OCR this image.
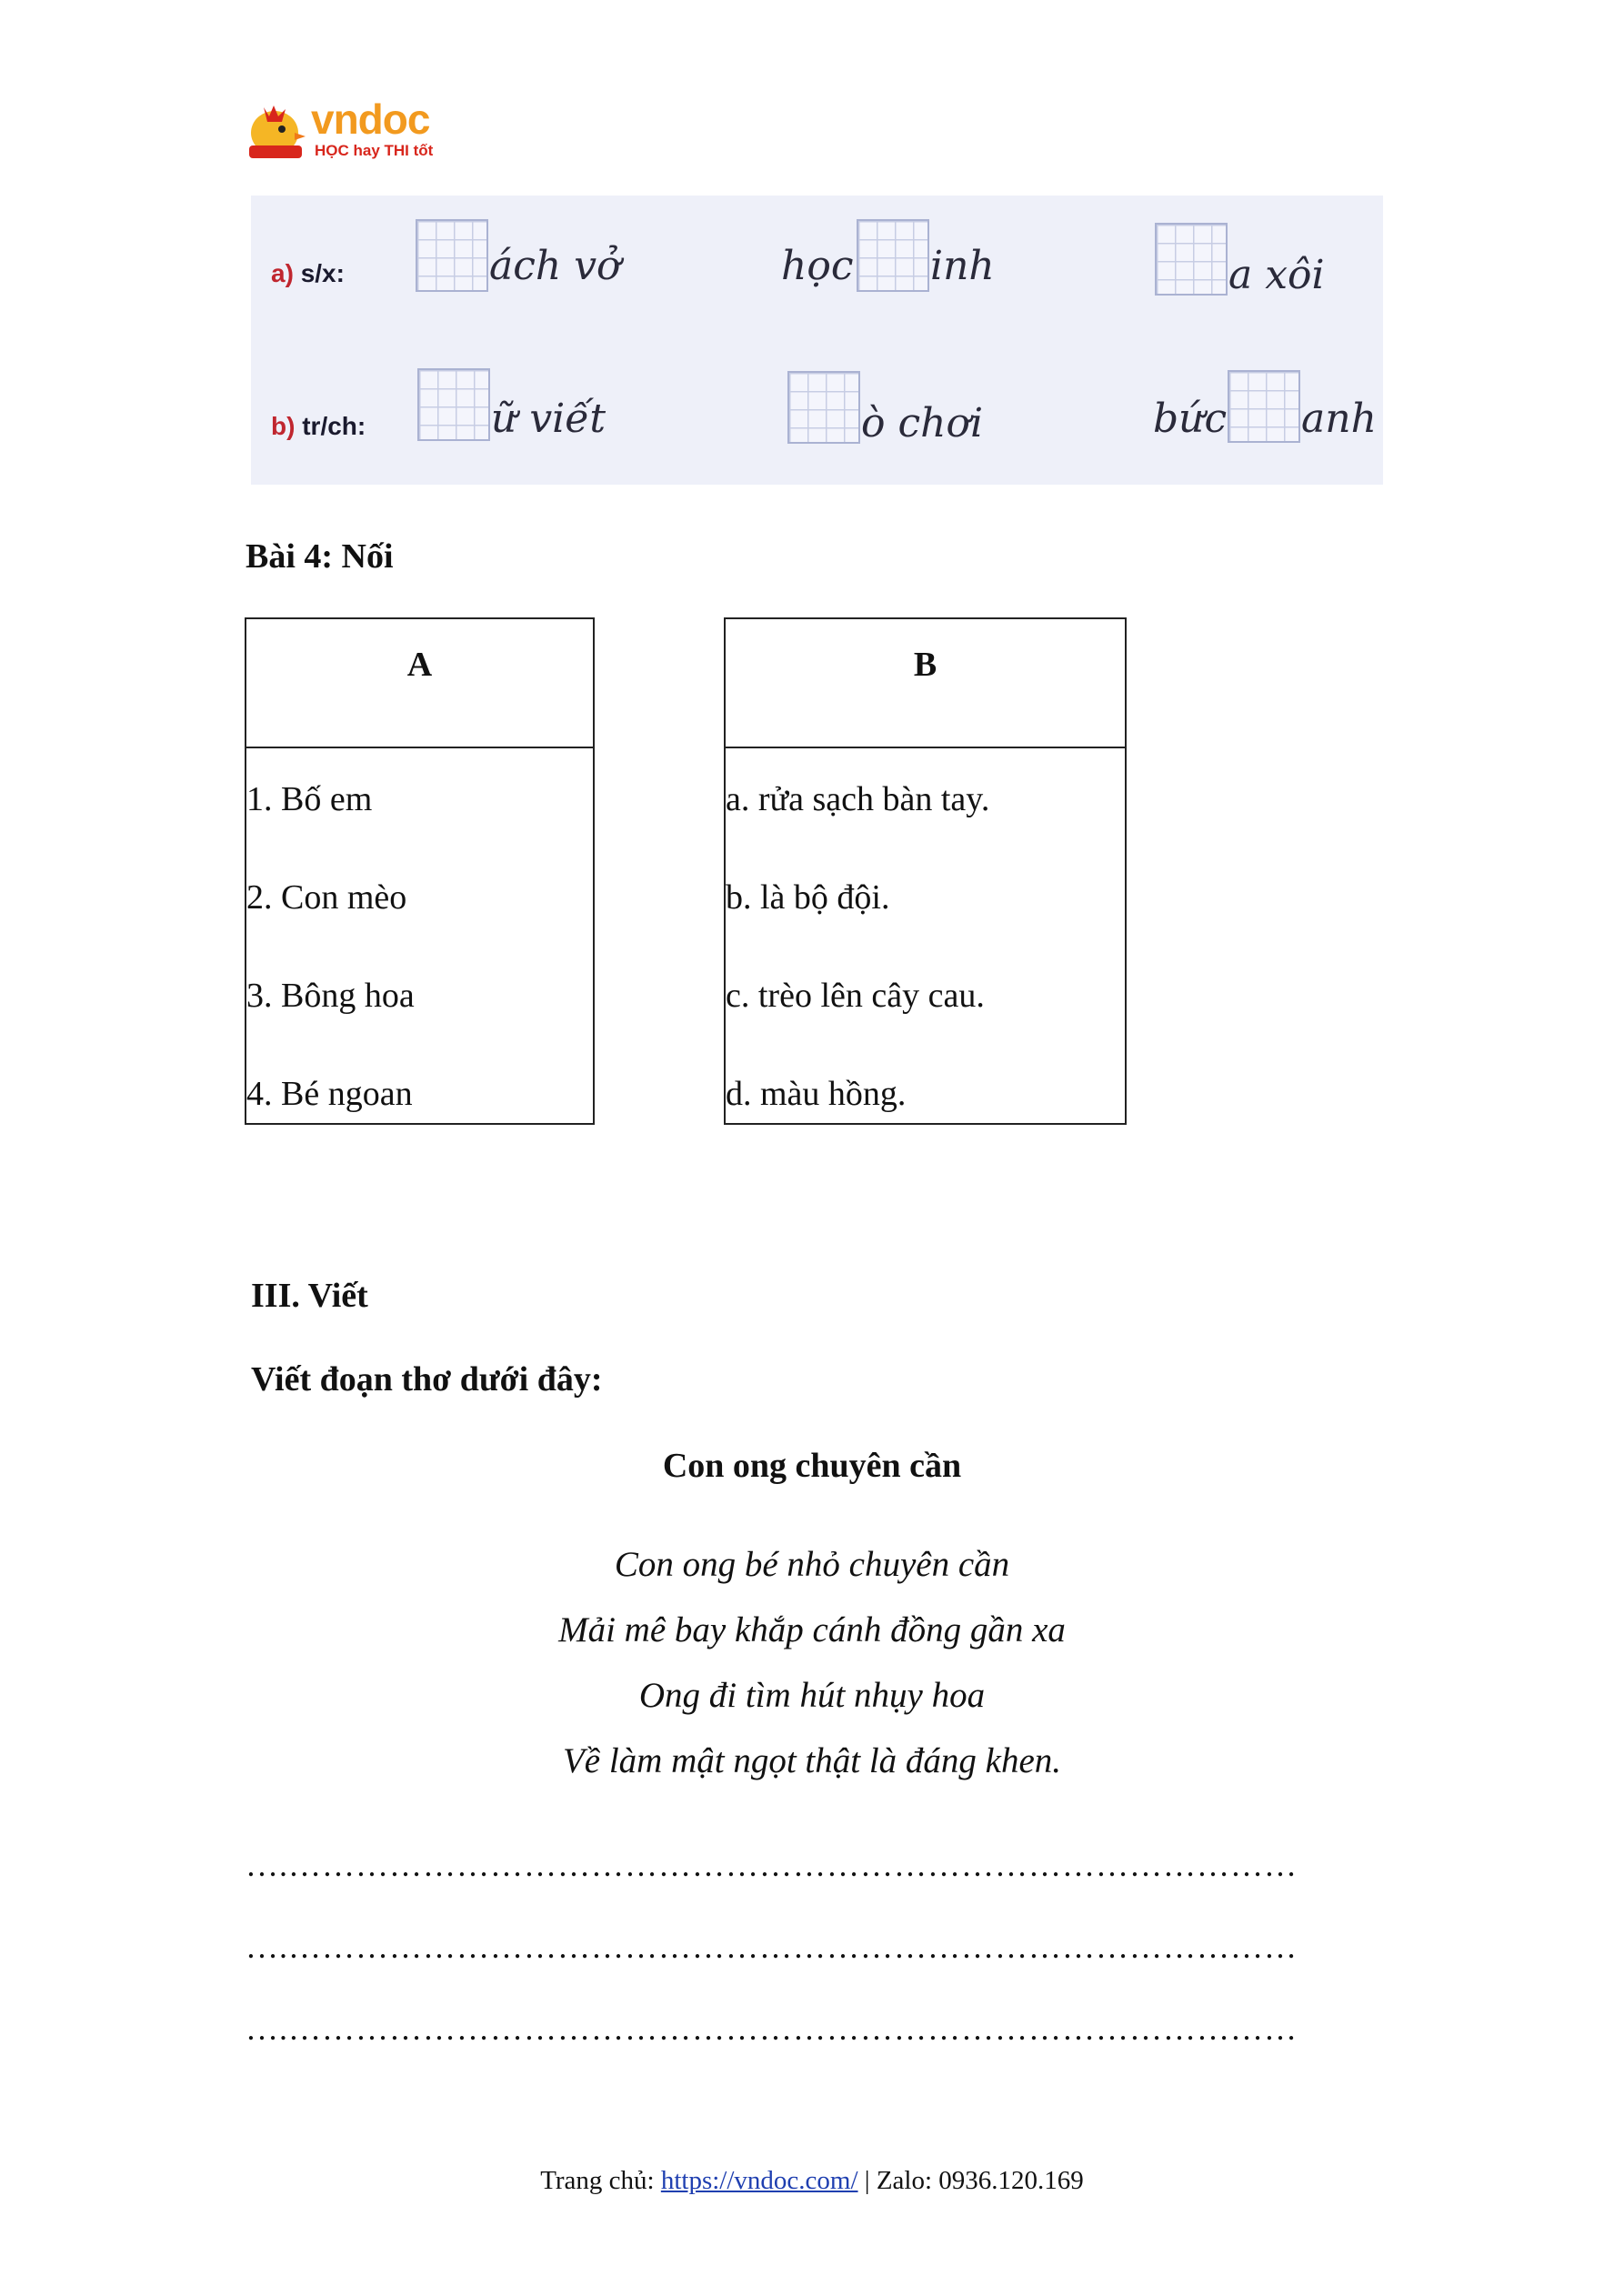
vndoc
HỌC hay THI tốt
a) s/x:	ách vở	học inh	a xôi
b) tr/ch:	ữ viết	ò chơi	bức anh
Bài 4: Nối
A

1. Bố em
2. Con mèo
3. Bông hoa
4. Bé ngoan
B

a. rửa sạch bàn tay.
b. là bộ đội.
c. trèo lên cây cau.
d. màu hồng.
III. Viết
Viết đoạn thơ dưới đây:
Con ong chuyên cần
Con ong bé nhỏ chuyên cần
Mải mê bay khắp cánh đồng gần xa
Ong đi tìm hút nhụy hoa
Về làm mật ngọt thật là đáng khen.
….………………………………………………………………………………
….………………………………………………………………………………
….………………………………………………………………………………
Trang chủ: https://vndoc.com/ | Zalo: 0936.120.169
